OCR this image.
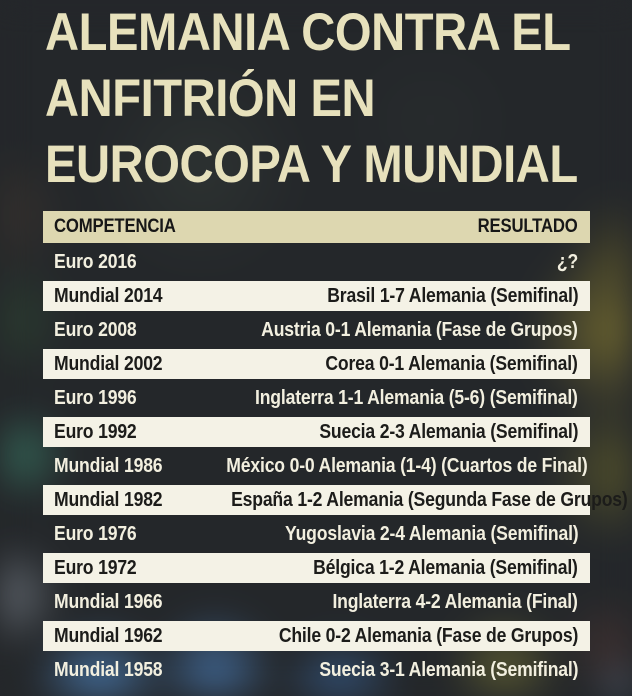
ALEMANIA CONTRA EL
ANFITRIÓN EN
EUROCOPA Y MUNDIAL
COMPETENCIA	RESULTADO
Euro 2016	¿?
Mundial 2014	Brasil 1-7 Alemania (Semifinal)
Euro 2008	Austria 0-1 Alemania (Fase de Grupos)
Mundial 2002	Corea 0-1 Alemania (Semifinal)
Euro 1996	Inglaterra 1-1 Alemania (5-6) (Semifinal)
Euro 1992	Suecia 2-3 Alemania (Semifinal)
Mundial 1986	México 0-0 Alemania (1-4) (Cuartos de Final)
Mundial 1982	España 1-2 Alemania (Segunda Fase de Grupos)
Euro 1976	Yugoslavia 2-4 Alemania (Semifinal)
Euro 1972	Bélgica 1-2 Alemania (Semifinal)
Mundial 1966	Inglaterra 4-2 Alemania (Final)
Mundial 1962	Chile 0-2 Alemania (Fase de Grupos)
Mundial 1958	Suecia 3-1 Alemania (Semifinal)
